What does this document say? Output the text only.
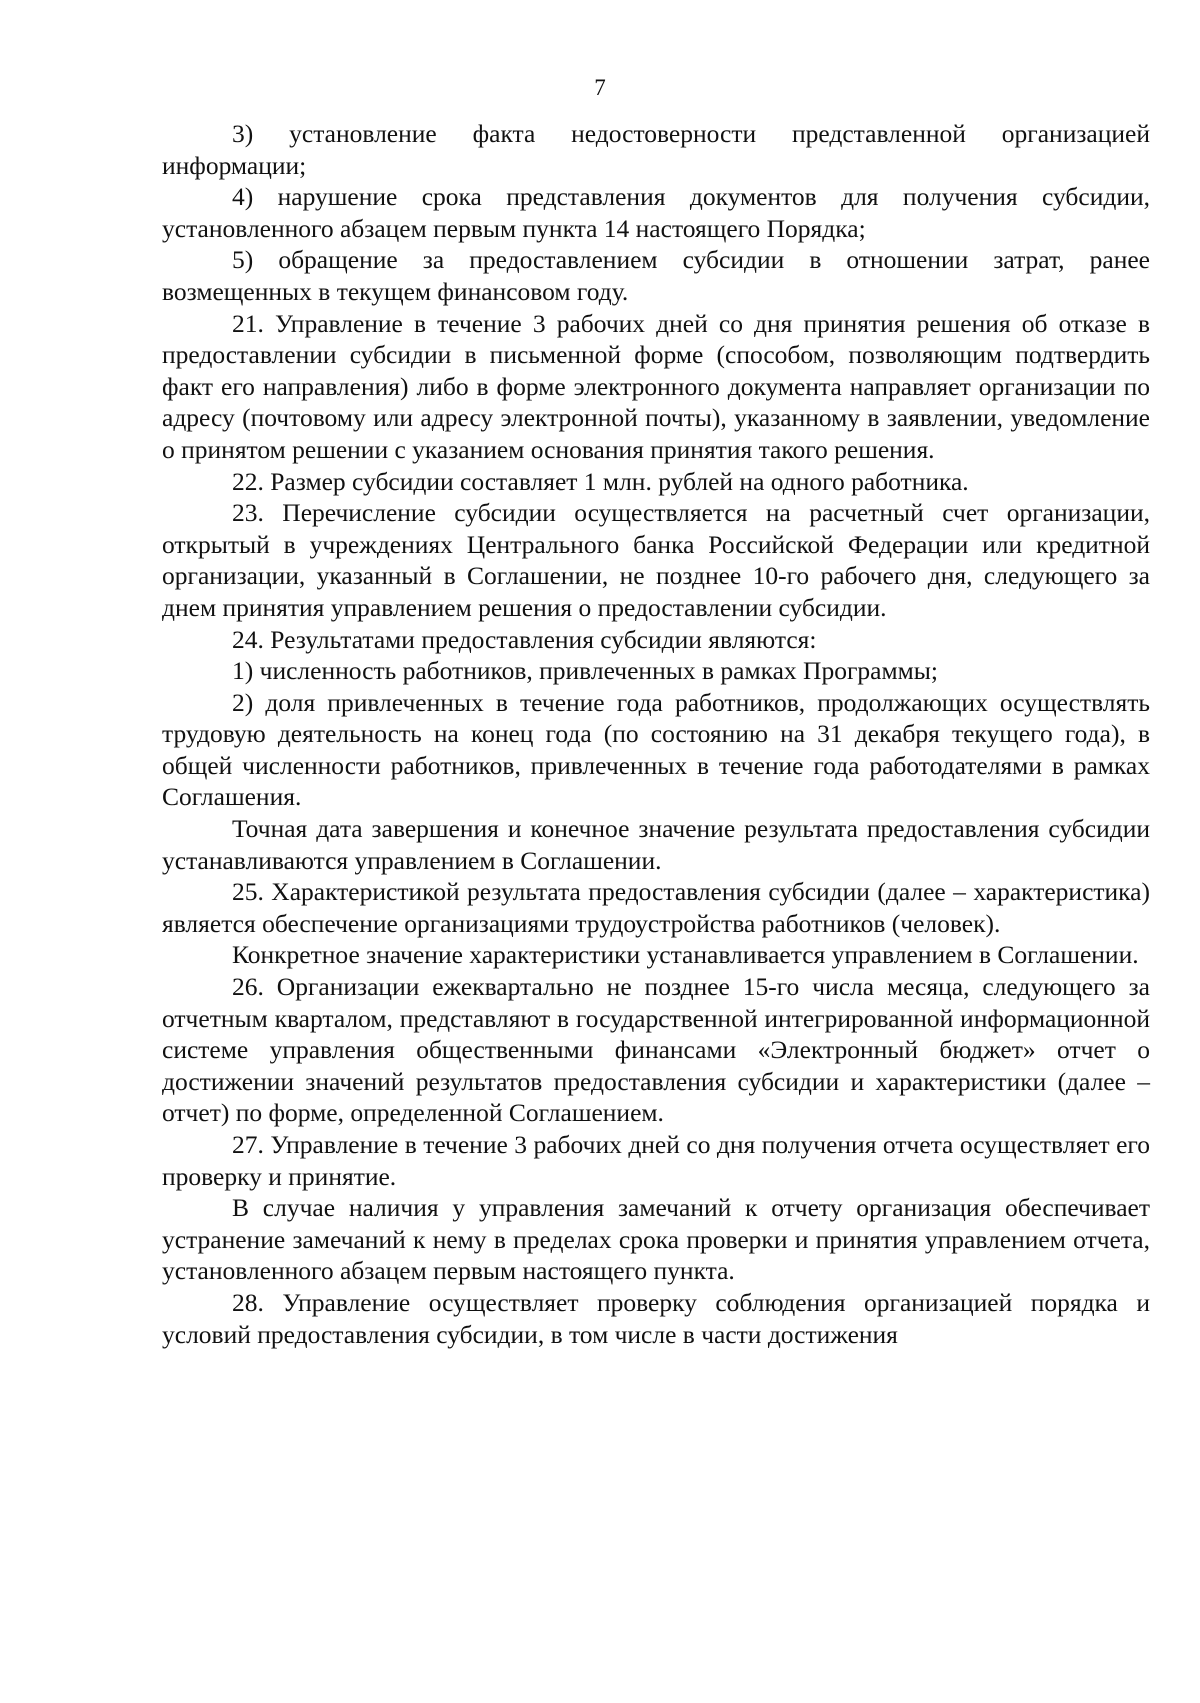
7

3) установление факта недостоверности представленной организацией информации;

4) нарушение срока представления документов для получения субсидии, установленного абзацем первым пункта 14 настоящего Порядка;

5) обращение за предоставлением субсидии в отношении затрат, ранее возмещенных в текущем финансовом году.

21. Управление в течение 3 рабочих дней со дня принятия решения об отказе в предоставлении субсидии в письменной форме (способом, позволяющим подтвердить факт его направления) либо в форме электронного документа направляет организации по адресу (почтовому или адресу электронной почты), указанному в заявлении, уведомление о принятом решении с указанием основания принятия такого решения.

22. Размер субсидии составляет 1 млн. рублей на одного работника.

23. Перечисление субсидии осуществляется на расчетный счет организации, открытый в учреждениях Центрального банка Российской Федерации или кредитной организации, указанный в Соглашении, не позднее 10-го рабочего дня, следующего за днем принятия управлением решения о предоставлении субсидии.

24. Результатами предоставления субсидии являются:

1) численность работников, привлеченных в рамках Программы;

2) доля привлеченных в течение года работников, продолжающих осуществлять трудовую деятельность на конец года (по состоянию на 31 декабря текущего года), в общей численности работников, привлеченных в течение года работодателями в рамках Соглашения.

Точная дата завершения и конечное значение результата предоставления субсидии устанавливаются управлением в Соглашении.

25. Характеристикой результата предоставления субсидии (далее – характеристика) является обеспечение организациями трудоустройства работников (человек).

Конкретное значение характеристики устанавливается управлением в Соглашении.

26. Организации ежеквартально не позднее 15-го числа месяца, следующего за отчетным кварталом, представляют в государственной интегрированной информационной системе управления общественными финансами «Электронный бюджет» отчет о достижении значений результатов предоставления субсидии и характеристики (далее – отчет) по форме, определенной Соглашением.

27. Управление в течение 3 рабочих дней со дня получения отчета осуществляет его проверку и принятие.

В случае наличия у управления замечаний к отчету организация обеспечивает устранение замечаний к нему в пределах срока проверки и принятия управлением отчета, установленного абзацем первым настоящего пункта.

28. Управление осуществляет проверку соблюдения организацией порядка и условий предоставления субсидии, в том числе в части достижения
